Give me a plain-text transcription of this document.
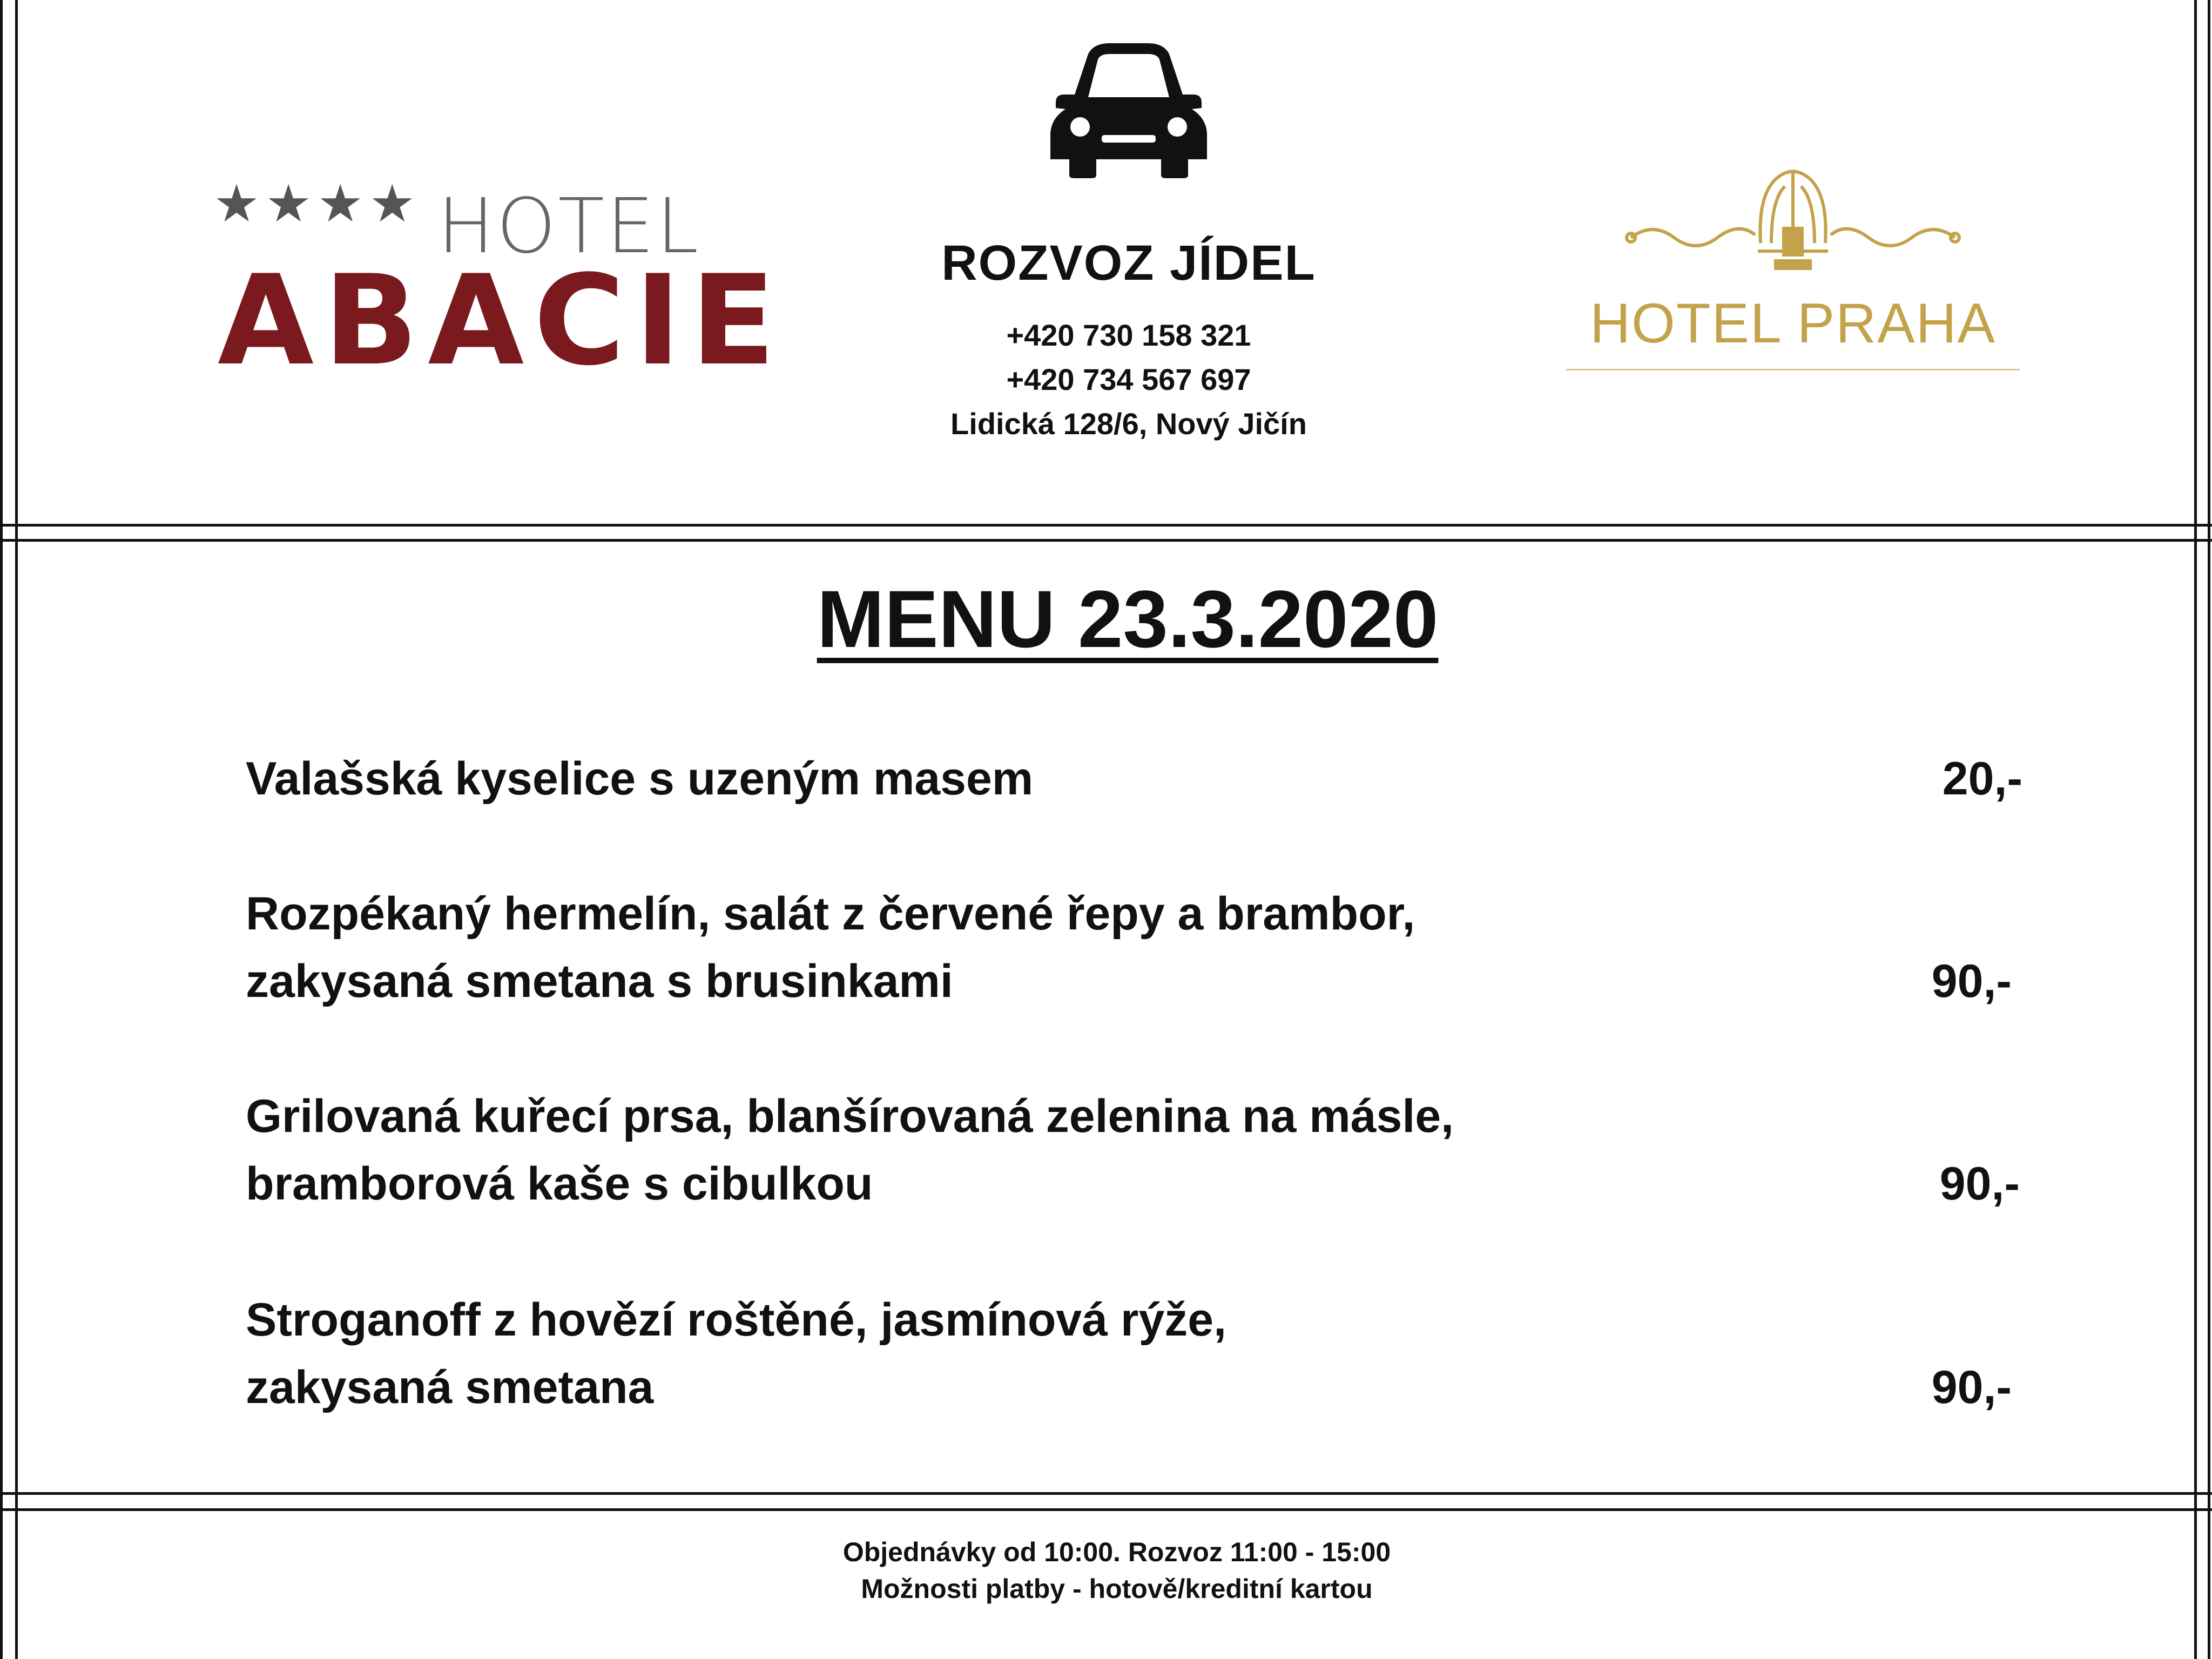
★★★★ HOTEL
ABACIE	ROZVOZ JÍDEL
+420 730 158 321
+420 734 567 697
Lidická 128/6, Nový Jičín
HOTEL PRAHA
MENU 23.3.2020
Valašská kyselice s uzeným masem	20,-
Rozpékaný hermelín, salát z červené řepy a brambor,
zakysaná smetana s brusinkami	90,-
Grilovaná kuřecí prsa, blanšírovaná zelenina na másle,
bramborová kaše s cibulkou	90,-
Stroganoff z hovězí roštěné, jasmínová rýže,
zakysaná smetana	90,-
Objednávky od 10:00. Rozvoz 11:00 - 15:00
Možnosti platby - hotově/kreditní kartou
